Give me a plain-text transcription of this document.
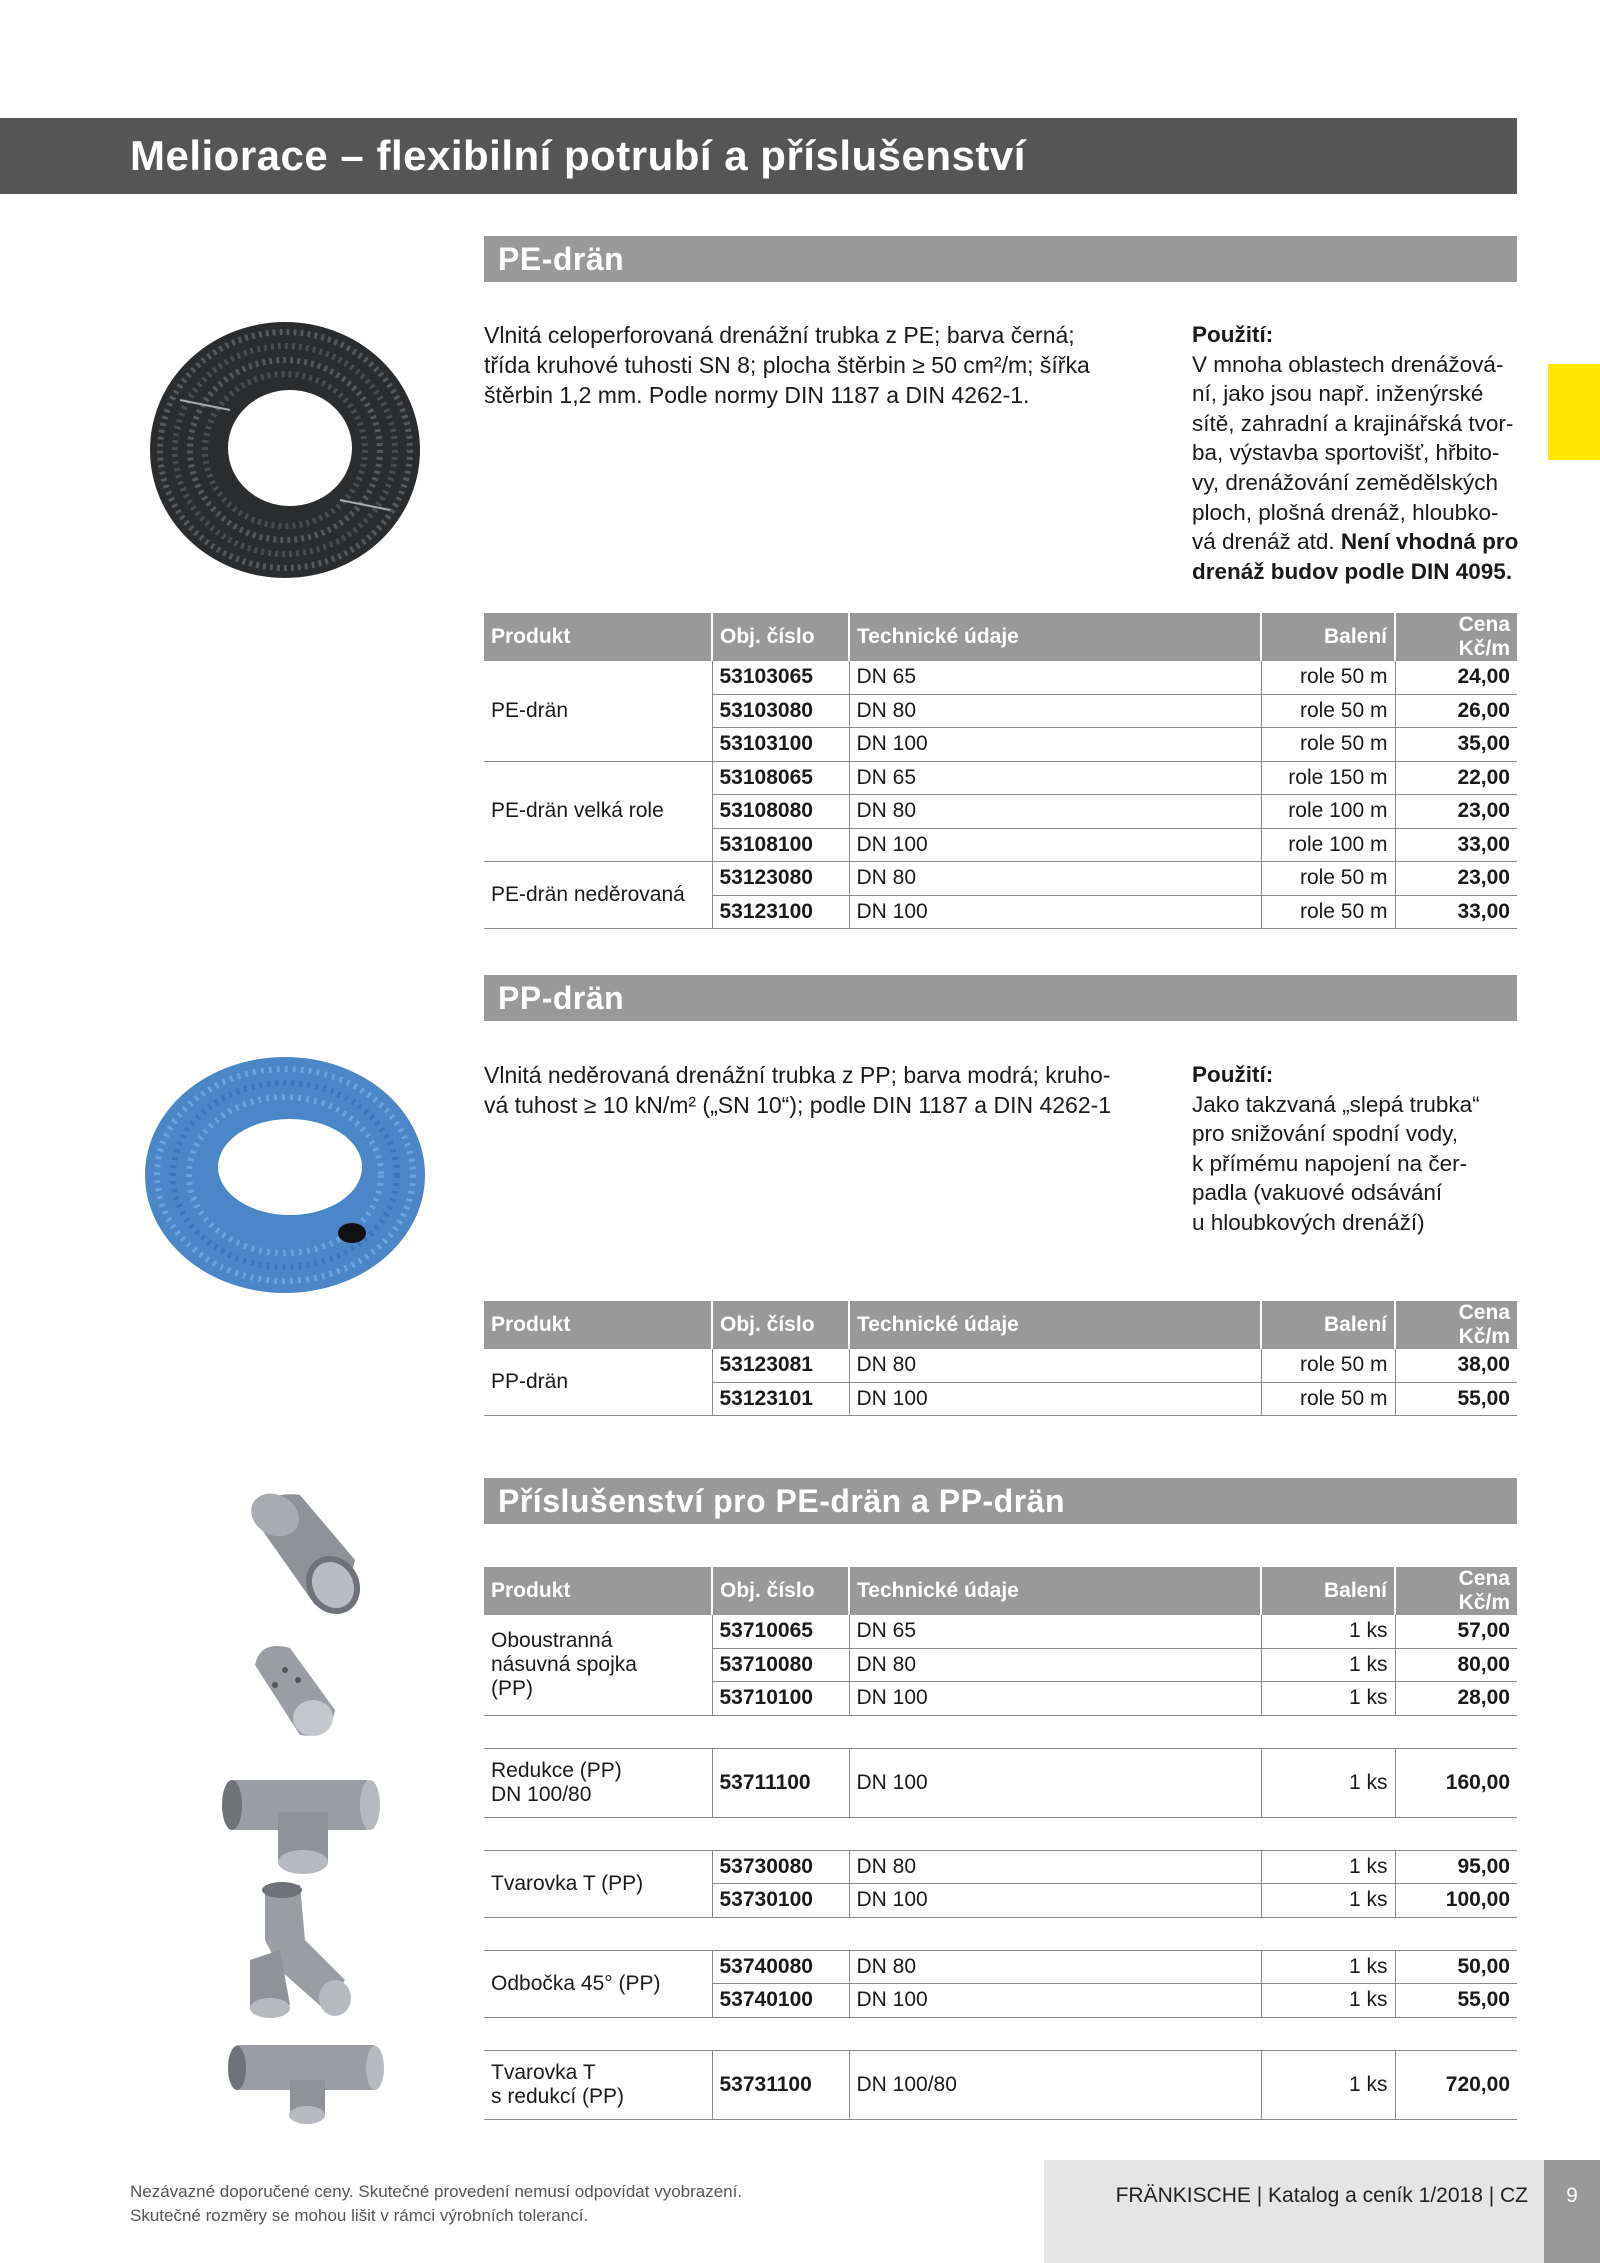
Meliorace – flexibilní potrubí a příslušenství
PE-drän
Vlnitá celoperforovaná drenážní trubka z PE; barva černá;
třída kruhové tuhosti SN 8; plocha štěrbin ≥ 50 cm²/m; šířka
štěrbin 1,2 mm. Podle normy DIN 1187 a DIN 4262-1.
Použití:
V mnoha oblastech drenážová-
ní, jako jsou např. inženýrské
sítě, zahradní a krajinářská tvor-
ba, výstavba sportovišť, hřbito-
vy, drenážování zemědělských
ploch, plošná drenáž, hloubko-
vá drenáž atd. Není vhodná pro
drenáž budov podle DIN 4095.
Produkt	Obj. číslo	Technické údaje	Balení	Cena Kč/m
PE-drän	53103065	DN 65	role 50 m	24,00
	53103080	DN 80	role 50 m	26,00
	53103100	DN 100	role 50 m	35,00
PE-drän velká role	53108065	DN 65	role 150 m	22,00
	53108080	DN 80	role 100 m	23,00
	53108100	DN 100	role 100 m	33,00
PE-drän neděrovaná	53123080	DN 80	role 50 m	23,00
	53123100	DN 100	role 50 m	33,00
PP-drän
Vlnitá neděrovaná drenážní trubka z PP; barva modrá; kruho-
vá tuhost ≥ 10 kN/m² („SN 10“); podle DIN 1187 a DIN 4262-1
Použití:
Jako takzvaná „slepá trubka“
pro snižování spodní vody,
k přímému napojení na čer-
padla (vakuové odsávání
u hloubkových drenáží)
Produkt	Obj. číslo	Technické údaje	Balení	Cena Kč/m
PP-drän	53123081	DN 80	role 50 m	38,00
	53123101	DN 100	role 50 m	55,00
Příslušenství pro PE-drän a PP-drän
Produkt	Obj. číslo	Technické údaje	Balení	Cena Kč/m
Oboustranná
násuvná spojka
(PP)	53710065	DN 65	1 ks	57,00
	53710080	DN 80	1 ks	80,00
	53710100	DN 100	1 ks	28,00

Redukce (PP)
DN 100/80	53711100	DN 100	1 ks	160,00

Tvarovka T (PP)	53730080	DN 80	1 ks	95,00
	53730100	DN 100	1 ks	100,00

Odbočka 45° (PP)	53740080	DN 80	1 ks	50,00
	53740100	DN 100	1 ks	55,00

Tvarovka T
s redukcí (PP)	53731100	DN 100/80	1 ks	720,00
Nezávazné doporučené ceny. Skutečné provedení nemusí odpovídat vyobrazení.
Skutečné rozměry se mohou lišit v rámci výrobních tolerancí.
FRÄNKISCHE | Katalog a ceník 1/2018 | CZ	9
